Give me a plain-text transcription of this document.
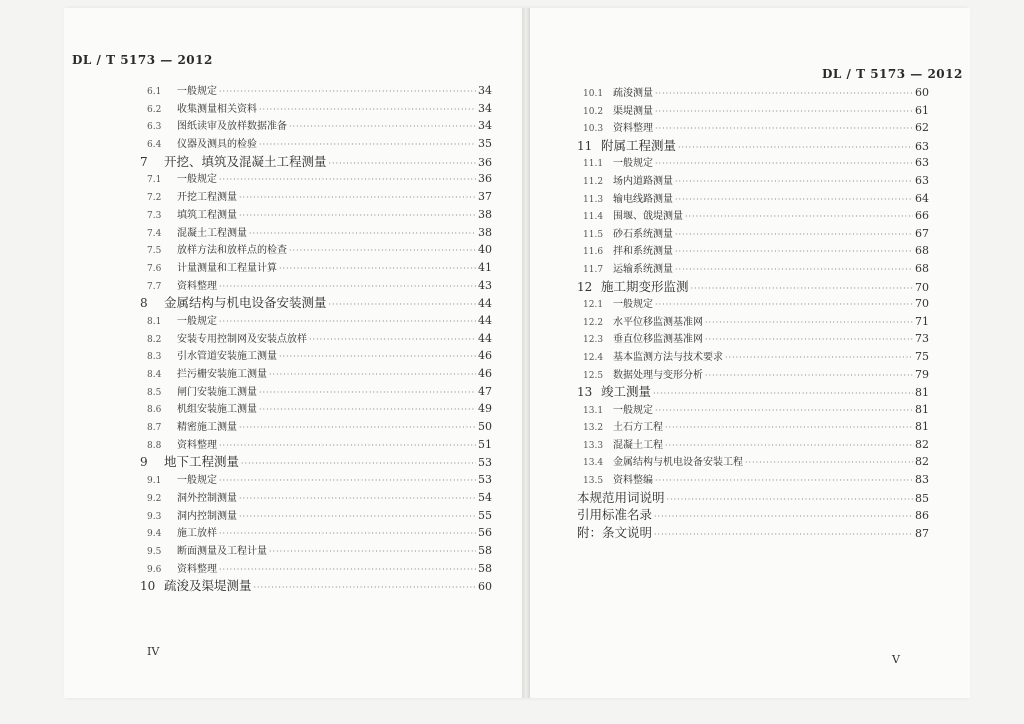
DL / T 5173 — 2012
DL / T 5173 — 2012
6.1	一般规定 ·····	34
6.2	收集测量相关资料 ·····	34
6.3	图纸读审及放样数据准备 ·····	34
6.4	仪器及测具的检验 ·····	35
7	开挖、填筑及混凝土工程测量 ·····	36
7.1	一般规定 ·····	36
7.2	开挖工程测量 ·····	37
7.3	填筑工程测量 ·····	38
7.4	混凝土工程测量 ·····	38
7.5	放样方法和放样点的检查 ·····	40
7.6	计量测量和工程量计算 ·····	41
7.7	资料整理 ·····	43
8	金属结构与机电设备安装测量 ·····	44
8.1	一般规定 ·····	44
8.2	安装专用控制网及安装点放样 ·····	44
8.3	引水管道安装施工测量 ·····	46
8.4	拦污栅安装施工测量 ·····	46
8.5	闸门安装施工测量 ·····	47
8.6	机组安装施工测量 ·····	49
8.7	精密施工测量 ·····	50
8.8	资料整理 ·····	51
9	地下工程测量 ·····	53
9.1	一般规定 ·····	53
9.2	洞外控制测量 ·····	54
9.3	洞内控制测量 ·····	55
9.4	施工放样 ·····	56
9.5	断面测量及工程计量 ·····	58
9.6	资料整理 ·····	58
10 疏浚及渠堤测量 ·····	60
10.1 疏浚测量 ·····	60
10.2 渠堤测量 ·····	61
10.3 资料整理 ·····	62
11 附属工程测量 ·····	63
11.1 一般规定 ·····	63
11.2 场内道路测量 ·····	63
11.3 输电线路测量 ·····	64
11.4 围堰、戗堤测量 ·····	66
11.5 砂石系统测量 ·····	67
11.6 拌和系统测量 ·····	68
11.7 运输系统测量 ·····	68
12 施工期变形监测 ·····	70
12.1 一般规定 ·····	70
12.2 水平位移监测基准网 ·····	71
12.3 垂直位移监测基准网 ·····	73
12.4 基本监测方法与技术要求 ·····	75
12.5 数据处理与变形分析 ·····	79
13 竣工测量 ·····	81
13.1 一般规定 ·····	81
13.2 土石方工程 ·····	81
13.3 混凝土工程 ·····	82
13.4 金属结构与机电设备安装工程 ·····	82
13.5 资料整编 ·····	83
本规范用词说明 ·····	85
引用标准名录 ·····	86
附：条文说明 ·····	87
IV
V
